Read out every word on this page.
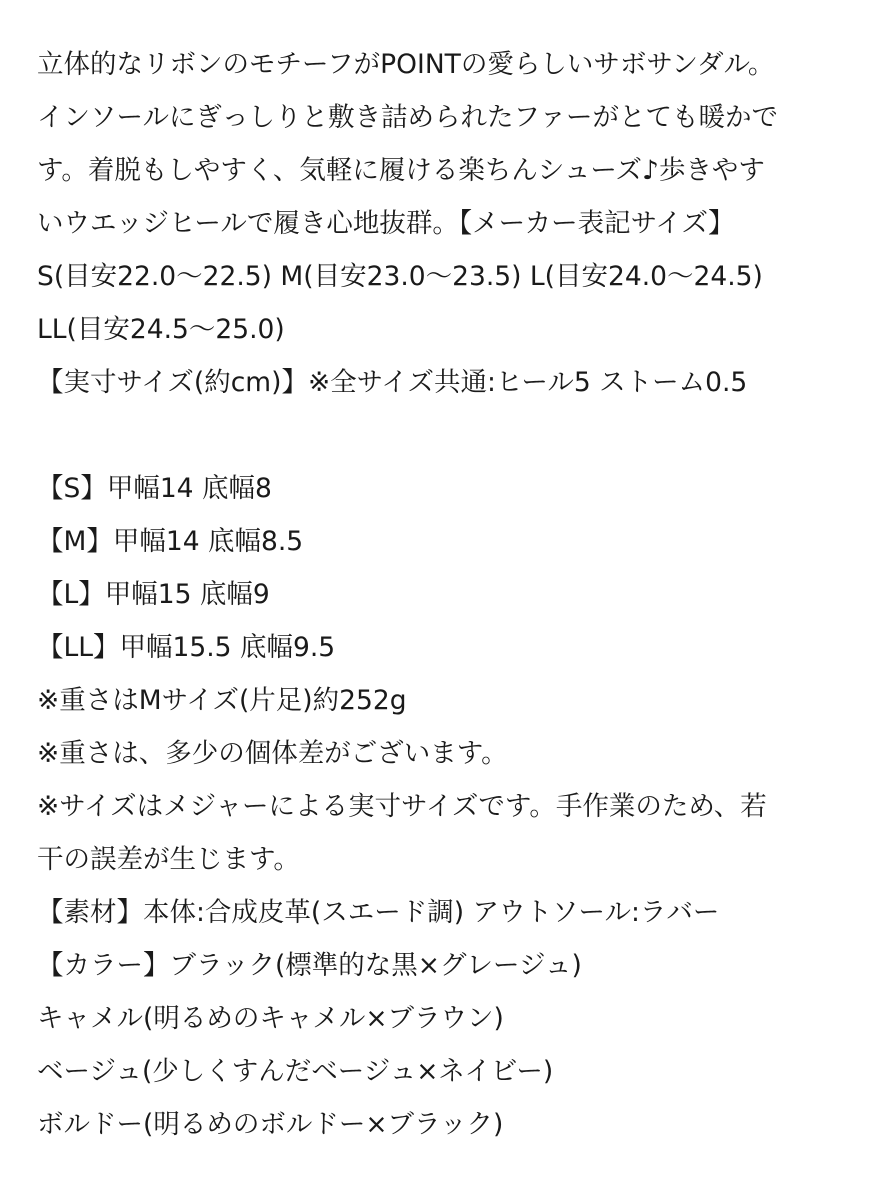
立体的なリボンのモチーフがPOINTの愛らしいサボサンダル。
インソールにぎっしりと敷き詰められたファーがとても暖かで
す。着脱もしやすく、気軽に履ける楽ちんシューズ♪歩きやす
いウエッジヒールで履き心地抜群。【メーカー表記サイズ】
S(目安22.0〜22.5) M(目安23.0〜23.5) L(目安24.0〜24.5)
LL(目安24.5〜25.0)
【実寸サイズ(約cm)】※全サイズ共通:ヒール5 ストーム0.5
【S】甲幅14 底幅8
【M】甲幅14 底幅8.5
【L】甲幅15 底幅9
【LL】甲幅15.5 底幅9.5
※重さはMサイズ(片足)約252g
※重さは、多少の個体差がございます。
※サイズはメジャーによる実寸サイズです。手作業のため、若
干の誤差が生じます。
【素材】本体:合成皮革(スエード調) アウトソール:ラバー
【カラー】ブラック(標準的な黒×グレージュ)
キャメル(明るめのキャメル×ブラウン)
ベージュ(少しくすんだベージュ×ネイビー)
ボルドー(明るめのボルドー×ブラック)
